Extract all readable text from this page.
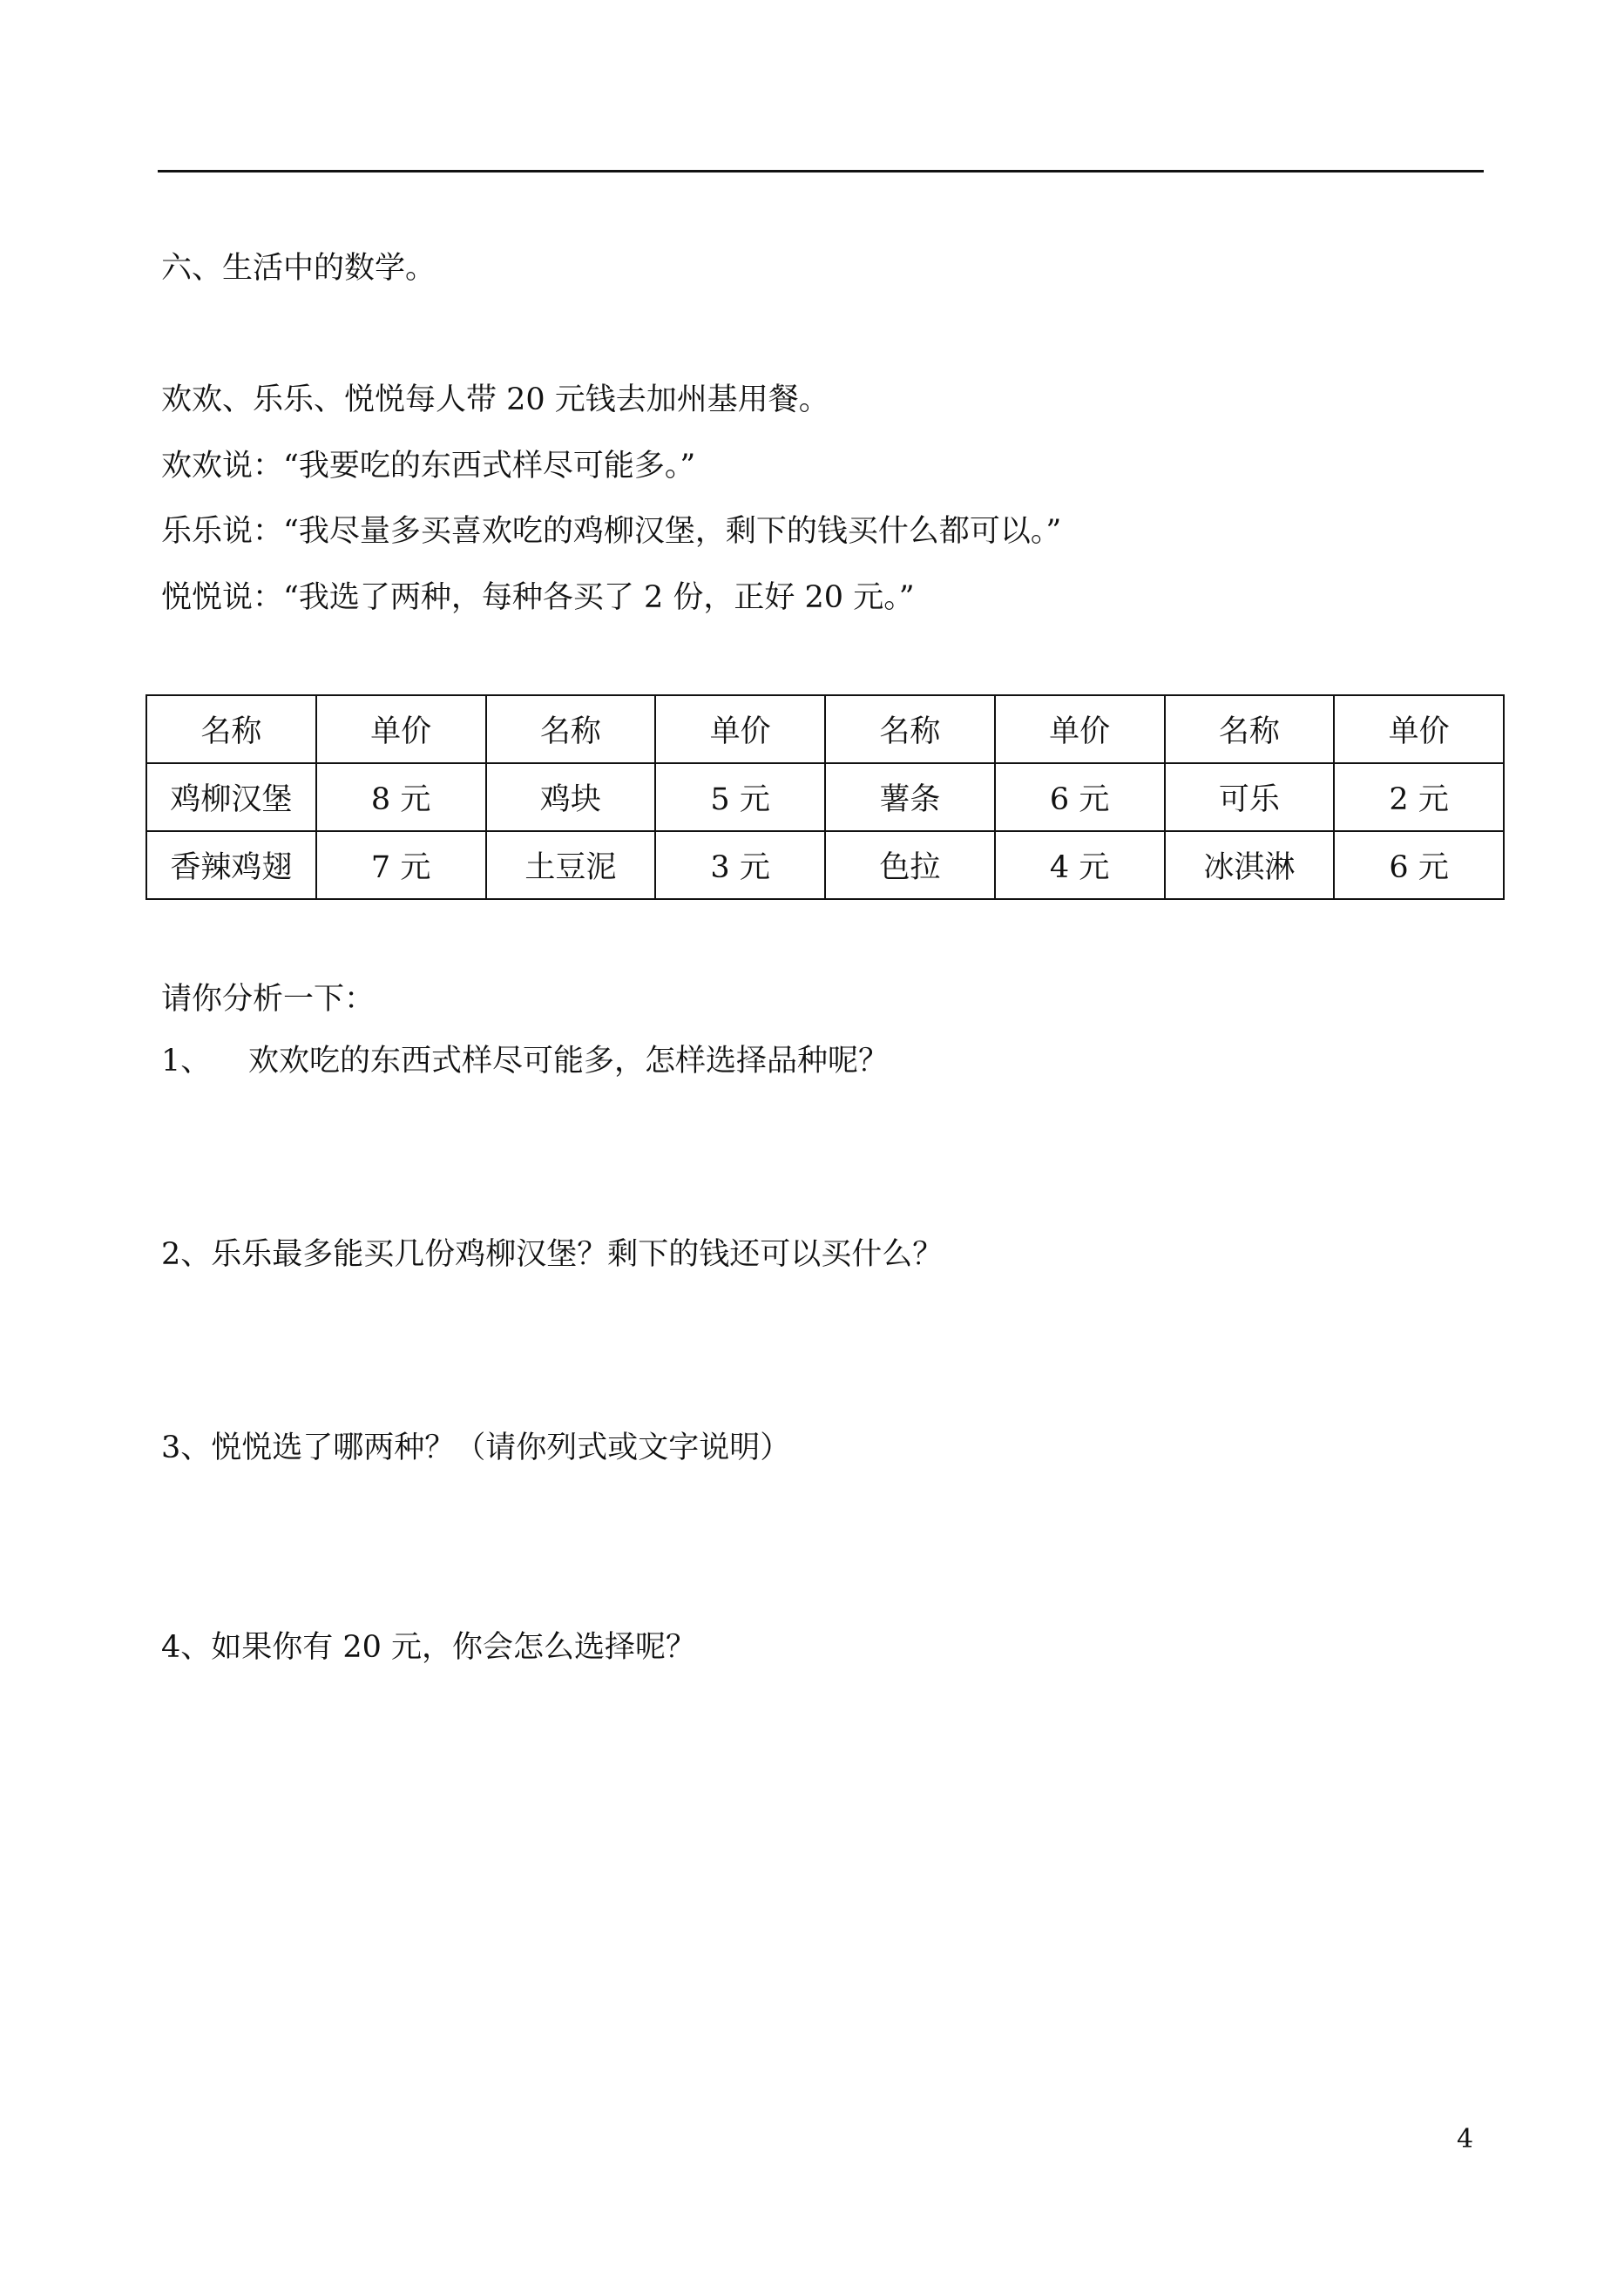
六、生活中的数学。

欢欢、乐乐、悦悦每人带 20 元钱去加州基用餐。

欢欢说：“我要吃的东西式样尽可能多。”

乐乐说：“我尽量多买喜欢吃的鸡柳汉堡，剩下的钱买什么都可以。”

悦悦说：“我选了两种，每种各买了 2 份，正好 20 元。”

名称	单价	名称	单价	名称	单价	名称	单价
鸡柳汉堡	8 元	鸡块	5 元	薯条	6 元	可乐	2 元
香辣鸡翅	7 元	土豆泥	3 元	色拉	4 元	冰淇淋	6 元

请你分析一下：

1、 欢欢吃的东西式样尽可能多，怎样选择品种呢？

2、乐乐最多能买几份鸡柳汉堡？剩下的钱还可以买什么？

3、悦悦选了哪两种？（请你列式或文字说明）

4、如果你有 20 元，你会怎么选择呢？

4
